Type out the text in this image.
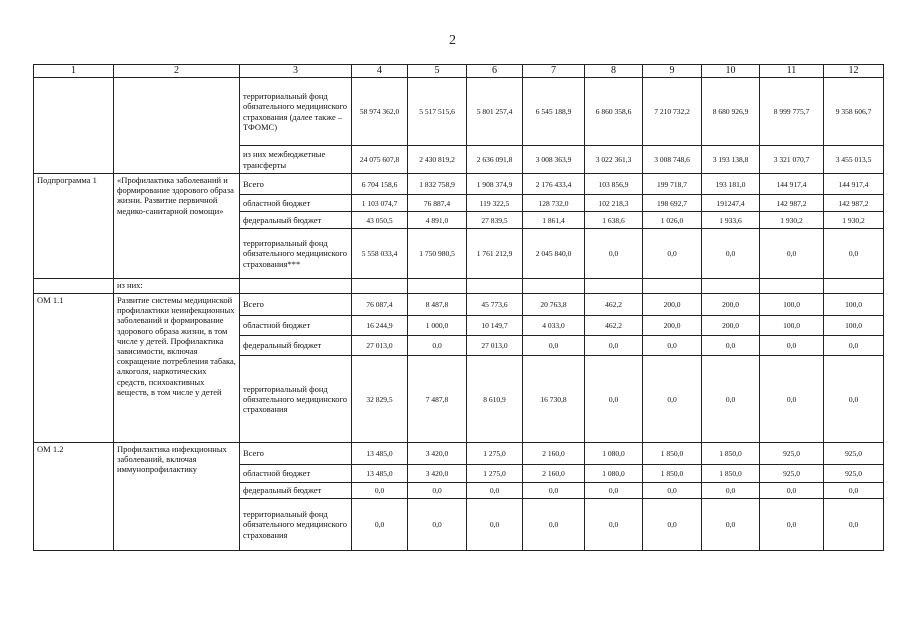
2
1	2	3	4	5	6	7	8	9	10	11	12
		территориальный фонд обязательного медицинского страхования (далее также – ТФОМС)	58 974 362,0	5 517 515,6	5 801 257,4	6 545 188,9	6 860 358,6	7 210 732,2	8 680 926,9	8 999 775,7	9 358 606,7
		из них межбюджетные трансферты	24 075 607,8	2 430 819,2	2 636 091,8	3 008 363,9	3 022 361,3	3 008 748,6	3 193 138,8	3 321 070,7	3 455 013,5
Подпрограмма 1	«Профилактика заболеваний и формирование здорового образа жизни. Развитие первичной медико-санитарной помощи»	Всего	6 704 158,6	1 832 758,9	1 908 374,9	2 176 433,4	103 856,9	199 718,7	193 181,0	144 917,4	144 917,4
		областной бюджет	1 103 074,7	76 887,4	119 322,5	128 732,0	102 218,3	198 692,7	191247,4	142 987,2	142 987,2
		федеральный бюджет	43 050,5	4 891,0	27 839,5	1 861,4	1 638,6	1 026,0	1 933,6	1 930,2	1 930,2
		территориальный фонд обязательного медицинского страхования***	5 558 033,4	1 750 980,5	1 761 212,9	2 045 840,0	0,0	0,0	0,0	0,0	0,0
	из них:										
ОМ 1.1	Развитие системы медицинской профилактики неинфекционных заболеваний и формирование здорового образа жизни, в том числе у детей. Профилактика зависимости, включая сокращение потребления табака, алкоголя, наркотических средств, психоактивных веществ, в том числе у детей	Всего	76 087,4	8 487,8	45 773,6	20 763,8	462,2	200,0	200,0	100,0	100,0
		областной бюджет	16 244,9	1 000,0	10 149,7	4 033,0	462,2	200,0	200,0	100,0	100,0
		федеральный бюджет	27 013,0	0,0	27 013,0	0,0	0,0	0,0	0,0	0,0	0,0
		территориальный фонд обязательного медицинского страхования	32 829,5	7 487,8	8 610,9	16 730,8	0,0	0,0	0,0	0,0	0,0
ОМ 1.2	Профилактика инфекционных заболеваний, включая иммунопрофилактику	Всего	13 485,0	3 420,0	1 275,0	2 160,0	1 080,0	1 850,0	1 850,0	925,0	925,0
		областной бюджет	13 485,0	3 420,0	1 275,0	2 160,0	1 080,0	1 850,0	1 850,0	925,0	925,0
		федеральный бюджет	0,0	0,0	0,0	0,0	0,0	0,0	0,0	0,0	0,0
		территориальный фонд обязательного медицинского страхования	0,0	0,0	0,0	0,0	0,0	0,0	0,0	0,0	0,0
